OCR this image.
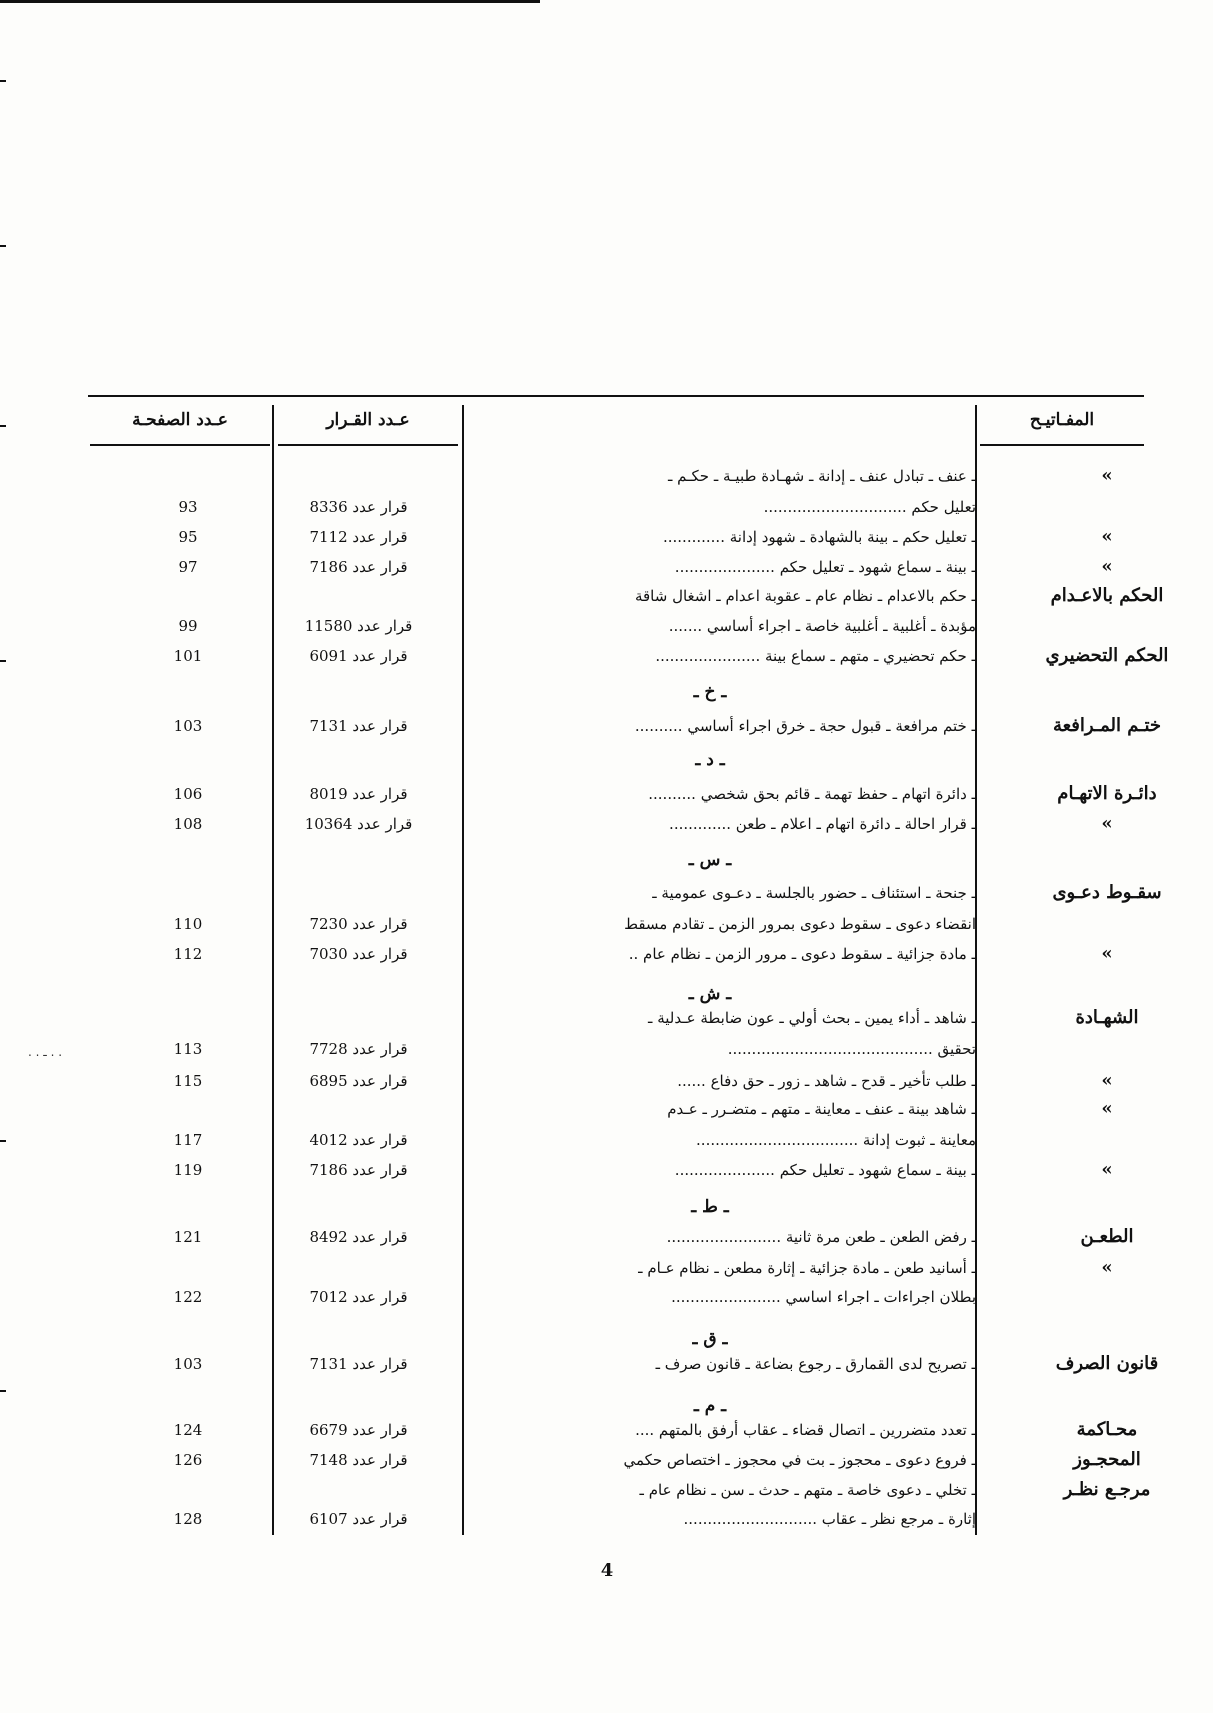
المفـاتيـح
عـدد القـرار
عـدد الصفحـة
ـ خ ـ
ـ د ـ
ـ س ـ
ـ ش ـ
ـ ط ـ
ـ ق ـ
ـ م ـ
»
ـ عنف ـ تبادل عنف ـ إدانة ـ شهـادة طبيـة ـ حكـم ـ
تعليل حكم ..............................
قرار عدد 8336
93
»
ـ تعليل حكم ـ بينة بالشهادة ـ شهود إدانة .............
قرار عدد 7112
95
»
ـ بينة ـ سماع شهود ـ تعليل حكم .....................
قرار عدد 7186
97
الحكم بالاعـدام
ـ حكم بالاعدام ـ نظام عام ـ عقوبة اعدام ـ اشغال شاقة
مؤبدة ـ أغلبية ـ أغلبية خاصة ـ اجراء أساسي .......
قرار عدد 11580
99
الحكم التحضيري
ـ حكم تحضيري ـ متهم ـ سماع بينة ......................
قرار عدد 6091
101
ختـم المـرافعة
ـ ختم مرافعة ـ قبول حجة ـ خرق اجراء أساسي ..........
قرار عدد 7131
103
دائـرة الاتهـام
ـ دائرة اتهام ـ حفظ تهمة ـ قائم بحق شخصي ..........
قرار عدد 8019
106
»
ـ قرار احالة ـ دائرة اتهام ـ اعلام ـ طعن .............
قرار عدد 10364
108
سقـوط دعـوى
ـ جنحة ـ استئناف ـ حضور بالجلسة ـ دعـوى عمومية ـ
انقضاء دعوى ـ سقوط دعوى بمرور الزمن ـ تقادم مسقط
قرار عدد 7230
110
»
ـ مادة جزائية ـ سقوط دعوى ـ مرور الزمن ـ نظام عام ..
قرار عدد 7030
112
الشهـادة
ـ شاهد ـ أداء يمين ـ بحث أولي ـ عون ضابطة عـدلية ـ
تحقيق ...........................................
قرار عدد 7728
113
»
ـ طلب تأخير ـ قدح ـ شاهد ـ زور ـ حق دفاع ......
قرار عدد 6895
115
»
ـ شاهد بينة ـ عنف ـ معاينة ـ متهم ـ متضـرر ـ عـدم
معاينة ـ ثبوت إدانة ..................................
قرار عدد 4012
117
»
ـ بينة ـ سماع شهود ـ تعليل حكم .....................
قرار عدد 7186
119
الطعـن
ـ رفض الطعن ـ طعن مرة ثانية ........................
قرار عدد 8492
121
»
ـ أسانيد طعن ـ مادة جزائية ـ إثارة مطعن ـ نظام عـام ـ
بطلان اجراءات ـ اجراء اساسي .......................
قرار عدد 7012
122
قانون الصرف
ـ تصريح لدى القمارق ـ رجوع بضاعة ـ قانون صرف ـ
قرار عدد 7131
103
محـاكمة
ـ تعدد متضررين ـ اتصال قضاء ـ عقاب أرفق بالمتهم ....
قرار عدد 6679
124
المحجـوز
ـ فروع دعوى ـ محجوز ـ بت في محجوز ـ اختصاص حكمي
قرار عدد 7148
126
مرجـع نظـر
ـ تخلي ـ دعوى خاصة ـ متهم ـ حدث ـ سن ـ نظام عام ـ
إثارة ـ مرجع نظر ـ عقاب ............................
قرار عدد 6107
128
. . ـ . .
4
